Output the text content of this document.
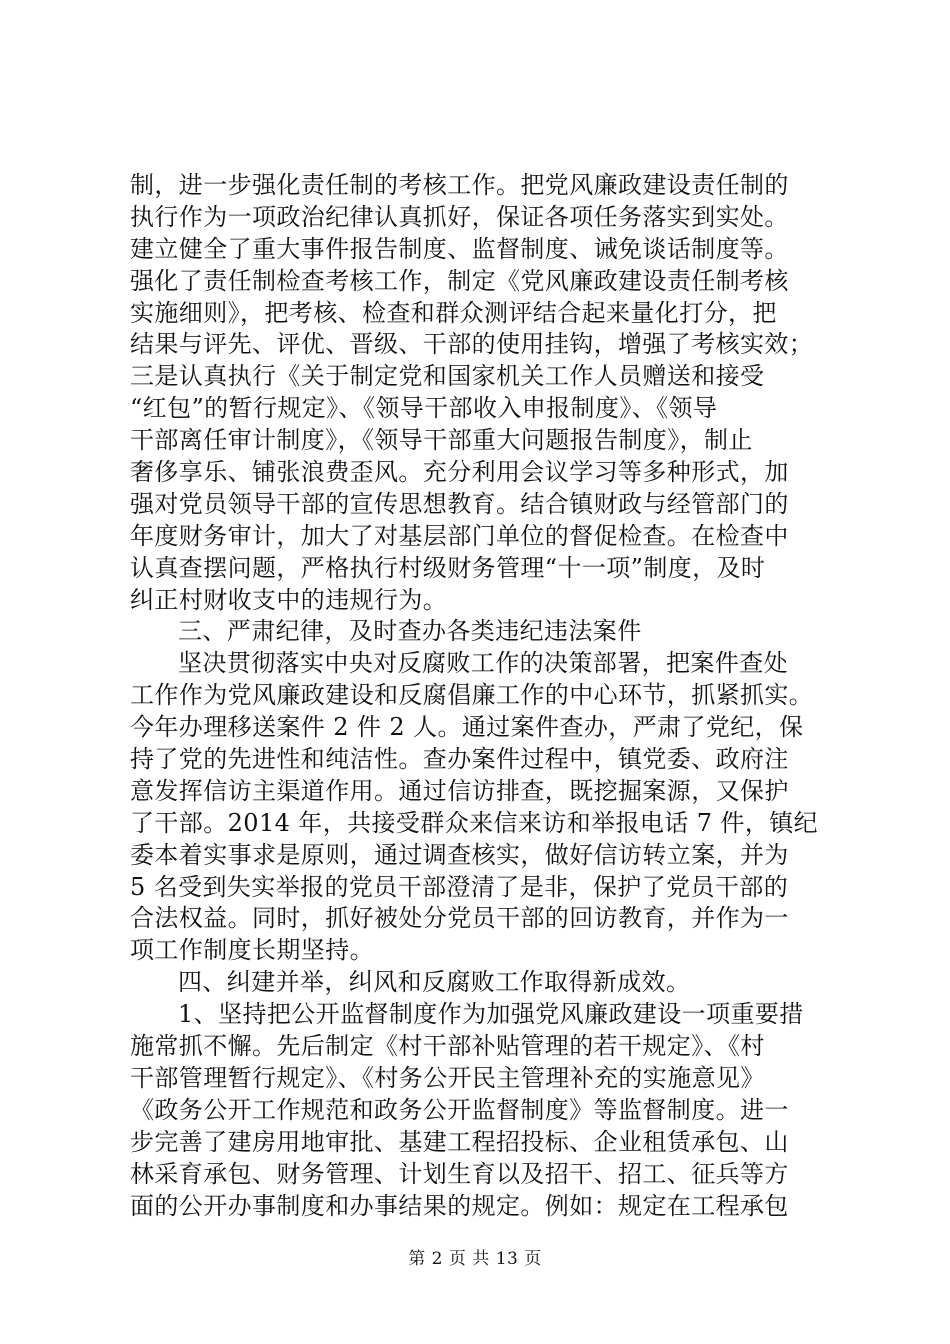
制，进一步强化责任制的考核工作。把党风廉政建设责任制的
执行作为一项政治纪律认真抓好，保证各项任务落实到实处。
建立健全了重大事件报告制度、监督制度、诫免谈话制度等。
强化了责任制检查考核工作，制定《党风廉政建设责任制考核
实施细则》，把考核、检查和群众测评结合起来量化打分，把
结果与评先、评优、晋级、干部的使用挂钩，增强了考核实效；
三是认真执行《关于制定党和国家机关工作人员赠送和接受
“红包”的暂行规定》、《领导干部收入申报制度》、《领导
干部离任审计制度》，《领导干部重大问题报告制度》，制止
奢侈享乐、铺张浪费歪风。充分利用会议学习等多种形式，加
强对党员领导干部的宣传思想教育。结合镇财政与经管部门的
年度财务审计，加大了对基层部门单位的督促检查。在检查中
认真查摆问题，严格执行村级财务管理“十一项”制度，及时
纠正村财收支中的违规行为。
三、严肃纪律，及时查办各类违纪违法案件
坚决贯彻落实中央对反腐败工作的决策部署，把案件查处
工作作为党风廉政建设和反腐倡廉工作的中心环节，抓紧抓实。
今年办理移送案件 2 件 2 人。通过案件查办，严肃了党纪，保
持了党的先进性和纯洁性。查办案件过程中，镇党委、政府注
意发挥信访主渠道作用。通过信访排查，既挖掘案源，又保护
了干部。2014 年，共接受群众来信来访和举报电话 7 件，镇纪
委本着实事求是原则，通过调查核实，做好信访转立案，并为
5 名受到失实举报的党员干部澄清了是非，保护了党员干部的
合法权益。同时，抓好被处分党员干部的回访教育，并作为一
项工作制度长期坚持。
四、纠建并举，纠风和反腐败工作取得新成效。
1、坚持把公开监督制度作为加强党风廉政建设一项重要措
施常抓不懈。先后制定《村干部补贴管理的若干规定》、《村
干部管理暂行规定》、《村务公开民主管理补充的实施意见》
《政务公开工作规范和政务公开监督制度》等监督制度。进一
步完善了建房用地审批、基建工程招投标、企业租赁承包、山
林采育承包、财务管理、计划生育以及招干、招工、征兵等方
面的公开办事制度和办事结果的规定。例如：规定在工程承包
第 2 页 共 13 页
